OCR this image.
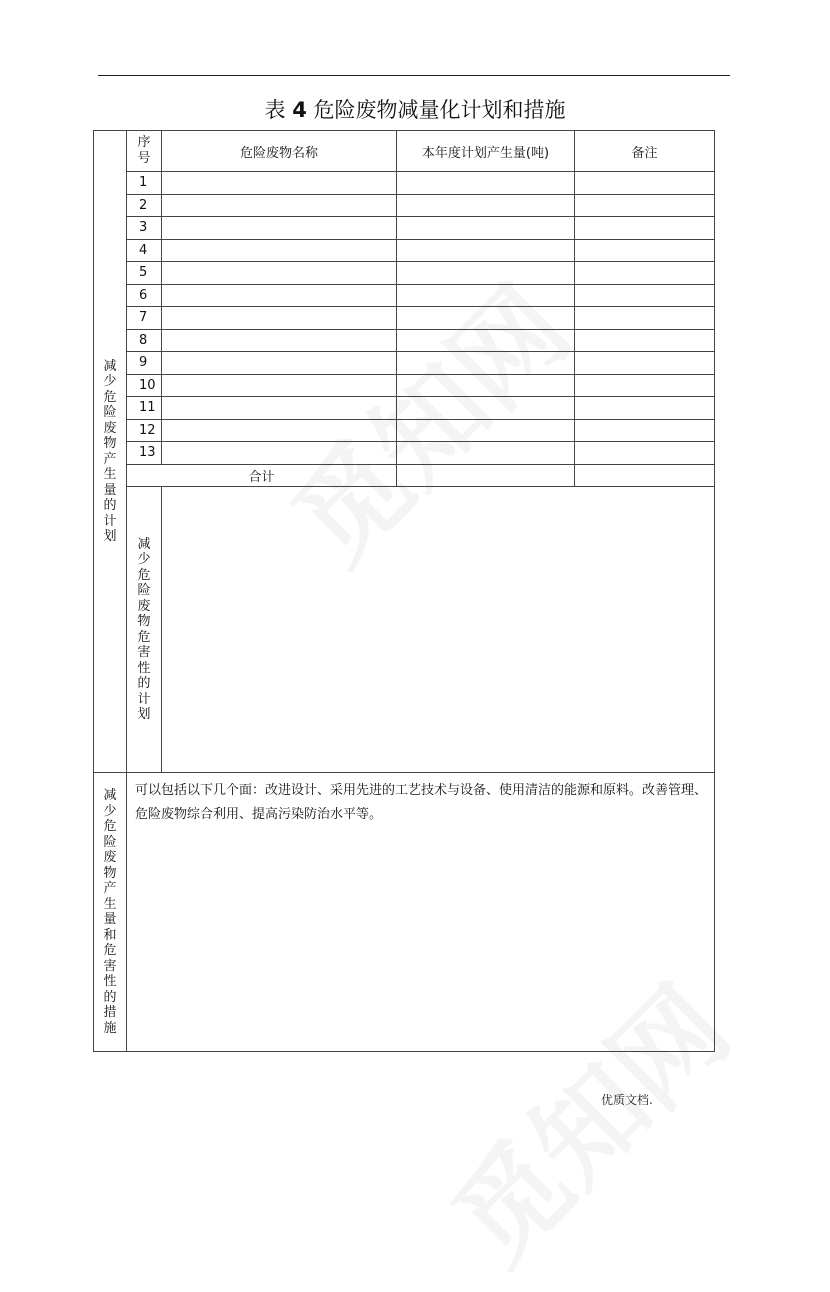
表 4 危险废物减量化计划和措施
减少危险废物产生量的计划	序号	危险废物名称	本年度计划产生量(吨)	备注
	1			
	2			
	3			
	4			
	5			
	6			
	7			
	8			
	9			
	10			
	11			
	12			
	13			
	合计			
	减少危险废物危害性的计划			
减少危险废物产生量和危害性的措施	可以包括以下几个面：改进设计、采用先进的工艺技术与设备、使用清洁的能源和原料。改善管理、危险废物综合利用、提高污染防治水平等。			
优质文档.
